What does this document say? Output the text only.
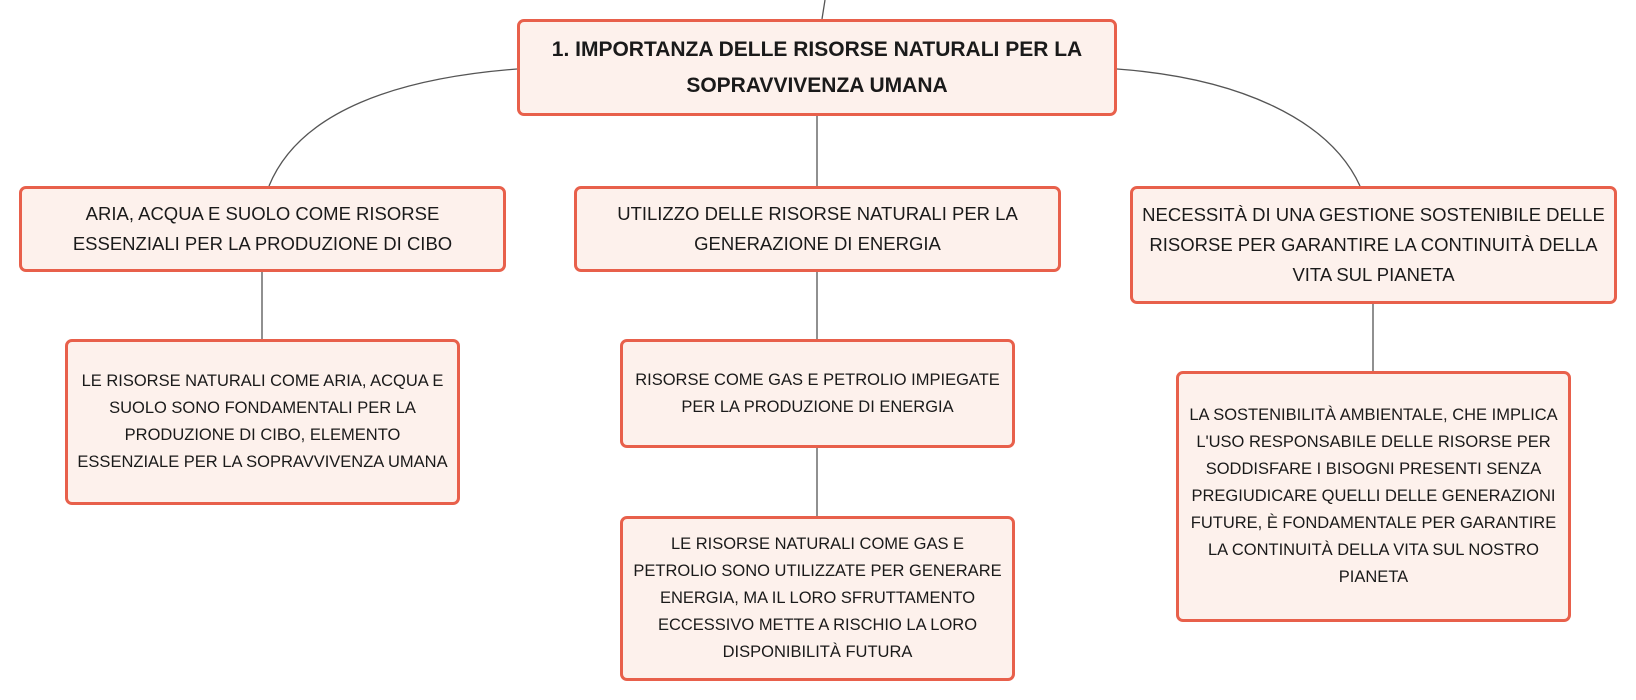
1. IMPORTANZA DELLE RISORSE NATURALI PER LA SOPRAVVIVENZA UMANA
ARIA, ACQUA E SUOLO COME RISORSE ESSENZIALI PER LA PRODUZIONE DI CIBO
UTILIZZO DELLE RISORSE NATURALI PER LA GENERAZIONE DI ENERGIA
NECESSITÀ DI UNA GESTIONE SOSTENIBILE DELLE RISORSE PER GARANTIRE LA CONTINUITÀ DELLA VITA SUL PIANETA
LE RISORSE NATURALI COME ARIA, ACQUA E SUOLO SONO FONDAMENTALI PER LA PRODUZIONE DI CIBO, ELEMENTO ESSENZIALE PER LA SOPRAVVIVENZA UMANA
RISORSE COME GAS E PETROLIO IMPIEGATE PER LA PRODUZIONE DI ENERGIA
LE RISORSE NATURALI COME GAS E PETROLIO SONO UTILIZZATE PER GENERARE ENERGIA, MA IL LORO SFRUTTAMENTO ECCESSIVO METTE A RISCHIO LA LORO DISPONIBILITÀ FUTURA
LA SOSTENIBILITÀ AMBIENTALE, CHE IMPLICA L'USO RESPONSABILE DELLE RISORSE PER SODDISFARE I BISOGNI PRESENTI SENZA PREGIUDICARE QUELLI DELLE GENERAZIONI FUTURE, È FONDAMENTALE PER GARANTIRE LA CONTINUITÀ DELLA VITA SUL NOSTRO PIANETA
